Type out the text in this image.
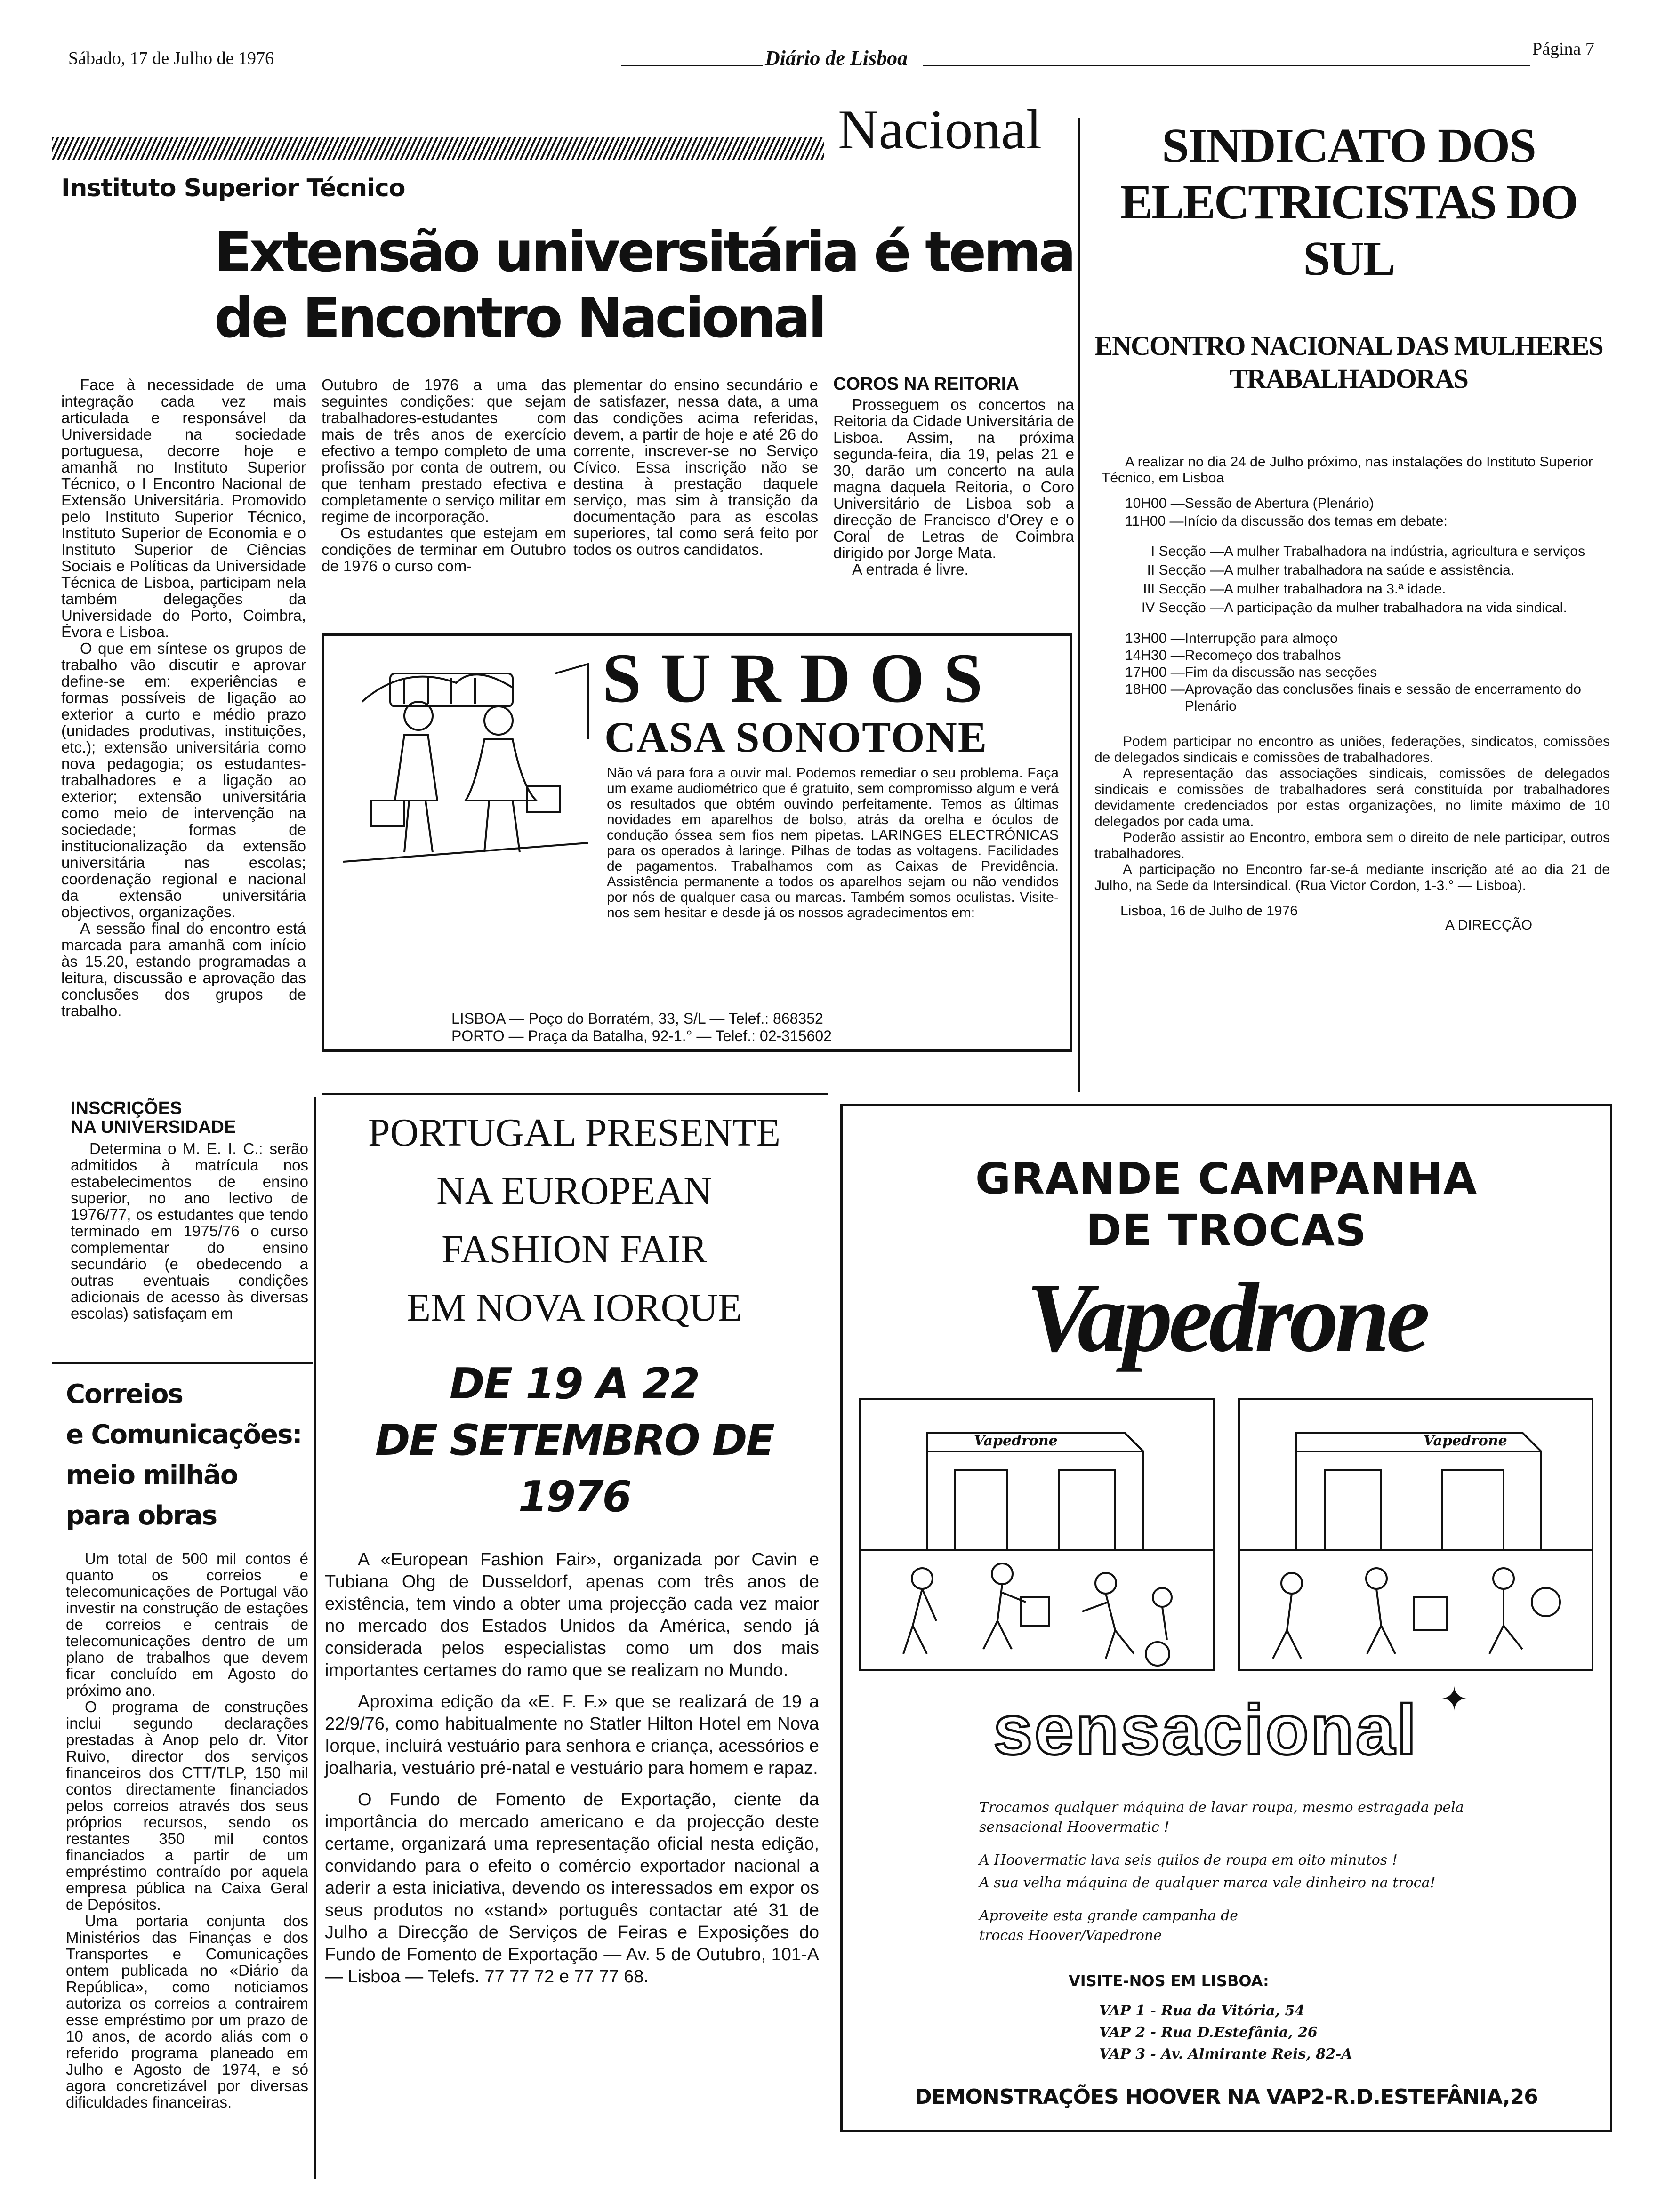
Sábado, 17 de Julho de 1976	Diário de Lisboa	Página 7
Nacional
Instituto Superior Técnico
Extensão universitária é tema
de Encontro Nacional

Face à necessidade de uma integração cada vez mais articulada e responsável da Universidade na sociedade portuguesa, decorre hoje e amanhã no Instituto Superior Técnico, o I Encontro Nacional de Extensão Universitária. Promovido pelo Instituto Superior Técnico, Instituto Superior de Economia e o Instituto Superior de Ciências Sociais e Políticas da Universidade Técnica de Lisboa, participam nela também delegações da Universidade do Porto, Coimbra, Évora e Lisboa.

O que em síntese os grupos de trabalho vão discutir e aprovar define-se em: experiências e formas possíveis de ligação ao exterior a curto e médio prazo (unidades produtivas, instituições, etc.); extensão universitária como nova pedagogia; os estudantes-trabalhadores e a ligação ao exterior; extensão universitária como meio de intervenção na sociedade; formas de institucionalização da extensão universitária nas escolas; coordenação regional e nacional da extensão universitária objectivos, organizações.

A sessão final do encontro está marcada para amanhã com início às 15.20, estando programadas a leitura, discussão e aprovação das conclusões dos grupos de trabalho.

Outubro de 1976 a uma das seguintes condições: que sejam trabalhadores-estudantes com mais de três anos de exercício efectivo a tempo completo de uma profissão por conta de outrem, ou que tenham prestado efectiva e completamente o serviço militar em regime de incorporação.

Os estudantes que estejam em condições de terminar em Outubro de 1976 o curso com-

plementar do ensino secundário e de satisfazer, nessa data, a uma das condições acima referidas, devem, a partir de hoje e até 26 do corrente, inscrever-se no Serviço Cívico. Essa inscrição não se destina à prestação daquele serviço, mas sim à transição da documentação para as escolas superiores, tal como será feito por todos os outros candidatos.

COROS NA REITORIA

Prosseguem os concertos na Reitoria da Cidade Universitária de Lisboa. Assim, na próxima segunda-feira, dia 19, pelas 21 e 30, darão um concerto na aula magna daquela Reitoria, o Coro Universitário de Lisboa sob a direcção de Francisco d'Orey e o Coral de Letras de Coimbra dirigido por Jorge Mata.

A entrada é livre.

INSCRIÇÕES
NA UNIVERSIDADE

Determina o M. E. I. C.: serão admitidos à matrícula nos estabelecimentos de ensino superior, no ano lectivo de 1976/77, os estudantes que tendo terminado em 1975/76 o curso complementar do ensino secundário (e obedecendo a outras eventuais condições adicionais de acesso às diversas escolas) satisfaçam em

Correios
e Comunicações:
meio milhão
para obras

Um total de 500 mil contos é quanto os correios e telecomunicações de Portugal vão investir na construção de estações de correios e centrais de telecomunicações dentro de um plano de trabalhos que devem ficar concluído em Agosto do próximo ano.

O programa de construções inclui segundo declarações prestadas à Anop pelo dr. Vitor Ruivo, director dos serviços financeiros dos CTT/TLP, 150 mil contos directamente financiados pelos correios através dos seus próprios recursos, sendo os restantes 350 mil contos financiados a partir de um empréstimo contraído por aquela empresa pública na Caixa Geral de Depósitos.

Uma portaria conjunta dos Ministérios das Finanças e dos Transportes e Comunicações ontem publicada no «Diário da República», como noticiamos autoriza os correios a contrairem esse empréstimo por um prazo de 10 anos, de acordo aliás com o referido programa planeado em Julho e Agosto de 1974, e só agora concretizável por diversas dificuldades financeiras.

SURDOS
CASA SONOTONE
Não vá para fora a ouvir mal. Podemos remediar o seu problema. Faça um exame audiométrico que é gratuito, sem compromisso algum e verá os resultados que obtém ouvindo perfeitamente. Temos as últimas novidades em aparelhos de bolso, atrás da orelha e óculos de condução óssea sem fios nem pipetas. LARINGES ELECTRÓNICAS para os operados à laringe. Pilhas de todas as voltagens. Facilidades de pagamentos. Trabalhamos com as Caixas de Previdência. Assistência permanente a todos os aparelhos sejam ou não vendidos por nós de qualquer casa ou marcas. Também somos oculistas. Visite-nos sem hesitar e desde já os nossos agradecimentos em:
LISBOA — Poço do Borratém, 33, S/L — Telef.: 868352
PORTO — Praça da Batalha, 92-1.° — Telef.: 02-315602
SINDICATO DOS
ELECTRICISTAS DO SUL
ENCONTRO NACIONAL DAS MULHERES
TRABALHADORAS
A realizar no dia 24 de Julho próximo, nas instalações do Instituto Superior Técnico, em Lisboa
10H00 — Sessão de Abertura (Plenário)
11H00 — Início da discussão dos temas em debate:
I Secção — A mulher Trabalhadora na indústria, agricultura e serviços
II Secção — A mulher trabalhadora na saúde e assistência.
III Secção — A mulher trabalhadora na 3.ª idade.
IV Secção — A participação da mulher trabalhadora na vida sindical.
13H00 — Interrupção para almoço
14H30 — Recomeço dos trabalhos
17H00 — Fim da discussão nas secções
18H00 — Aprovação das conclusões finais e sessão de encerramento do Plenário

Podem participar no encontro as uniões, federações, sindicatos, comissões de delegados sindicais e comissões de trabalhadores.

A representação das associações sindicais, comissões de delegados sindicais e comissões de trabalhadores será constituída por trabalhadores devidamente credenciados por estas organizações, no limite máximo de 10 delegados por cada uma.

Poderão assistir ao Encontro, embora sem o direito de nele participar, outros trabalhadores.

A participação no Encontro far-se-á mediante inscrição até ao dia 21 de Julho, na Sede da Intersindical. (Rua Victor Cordon, 1-3.° — Lisboa).

Lisboa, 16 de Julho de 1976
A DIRECÇÃO
PORTUGAL PRESENTE
NA EUROPEAN
FASHION FAIR
EM NOVA IORQUE
DE 19 A 22
DE SETEMBRO DE 1976

A «European Fashion Fair», organizada por Cavin e Tubiana Ohg de Dusseldorf, apenas com três anos de existência, tem vindo a obter uma projecção cada vez maior no mercado dos Estados Unidos da América, sendo já considerada pelos especialistas como um dos mais importantes certames do ramo que se realizam no Mundo.

Aproxima edição da «E. F. F.» que se realizará de 19 a 22/9/76, como habitualmente no Statler Hilton Hotel em Nova Iorque, incluirá vestuário para senhora e criança, acessórios e joalharia, vestuário pré-natal e vestuário para homem e rapaz.

O Fundo de Fomento de Exportação, ciente da importância do mercado americano e da projecção deste certame, organizará uma representação oficial nesta edição, convidando para o efeito o comércio exportador nacional a aderir a esta iniciativa, devendo os interessados em expor os seus produtos no «stand» português contactar até 31 de Julho a Direcção de Serviços de Feiras e Exposições do Fundo de Fomento de Exportação — Av. 5 de Outubro, 101-A — Lisboa — Telefs. 77 77 72 e 77 77 68.

GRANDE CAMPANHA
DE TROCAS
Vapedrone
Vapedrone	Vapedrone
✦
sensacional
Trocamos qualquer máquina de lavar roupa, mesmo estragada pela sensacional Hoovermatic !
A Hoovermatic lava seis quilos de roupa em oito minutos !
A sua velha máquina de qualquer marca vale dinheiro na troca!
Aproveite esta grande campanha de trocas Hoover/Vapedrone
VISITE-NOS EM LISBOA:
VAP 1 - Rua da Vitória, 54
VAP 2 - Rua D.Estefânia, 26
VAP 3 - Av. Almirante Reis, 82-A
DEMONSTRAÇÕES HOOVER NA VAP2-R.D.ESTEFÂNIA,26
